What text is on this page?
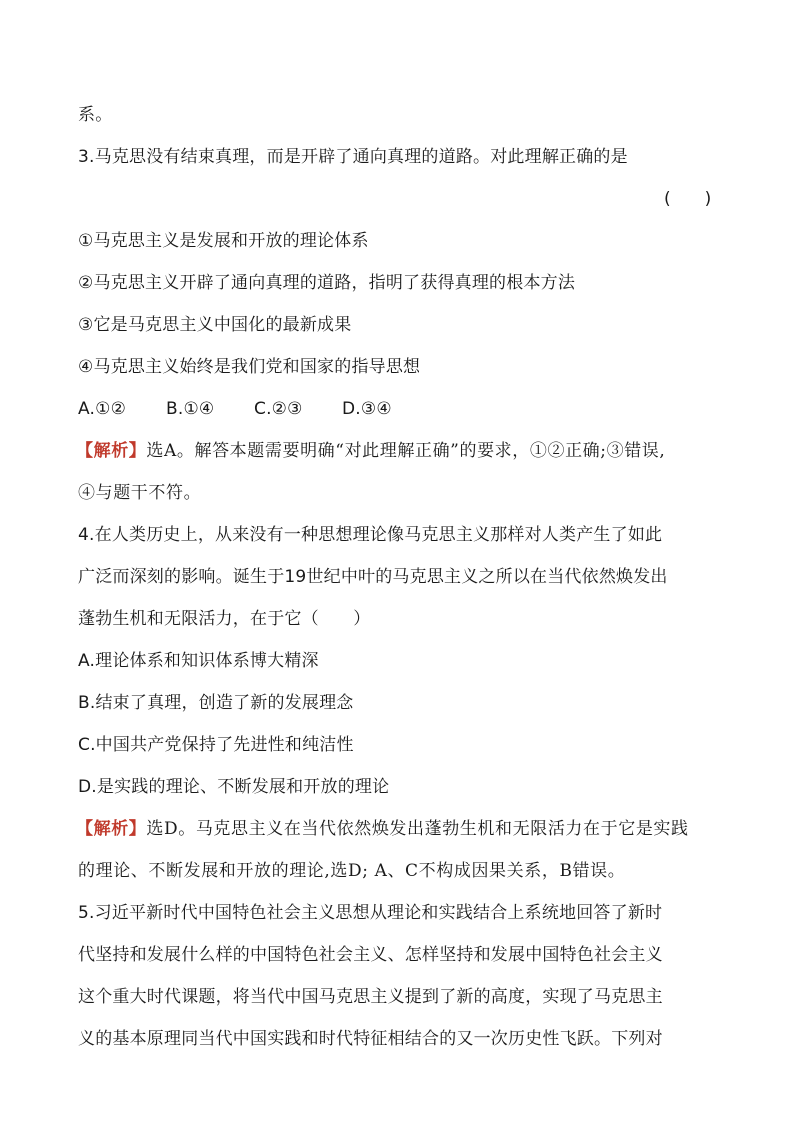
系。
3.马克思没有结束真理，而是开辟了通向真理的道路。对此理解正确的是
(　　)
①马克思主义是发展和开放的理论体系
②马克思主义开辟了通向真理的道路，指明了获得真理的根本方法
③它是马克思主义中国化的最新成果
④马克思主义始终是我们党和国家的指导思想
A.①② B.①④ C.②③ D.③④
【解析】选A。解答本题需要明确“对此理解正确”的要求，①②正确;③错误,
④与题干不符。
4.在人类历史上，从来没有一种思想理论像马克思主义那样对人类产生了如此
广泛而深刻的影响。诞生于19世纪中叶的马克思主义之所以在当代依然焕发出
蓬勃生机和无限活力，在于它（　　）
A.理论体系和知识体系博大精深
B.结束了真理，创造了新的发展理念
C.中国共产党保持了先进性和纯洁性
D.是实践的理论、不断发展和开放的理论
【解析】选D。马克思主义在当代依然焕发出蓬勃生机和无限活力在于它是实践
的理论、不断发展和开放的理论,选D; A、C不构成因果关系，B错误。
5.习近平新时代中国特色社会主义思想从理论和实践结合上系统地回答了新时
代坚持和发展什么样的中国特色社会主义、怎样坚持和发展中国特色社会主义
这个重大时代课题，将当代中国马克思主义提到了新的高度，实现了马克思主
义的基本原理同当代中国实践和时代特征相结合的又一次历史性飞跃。下列对
